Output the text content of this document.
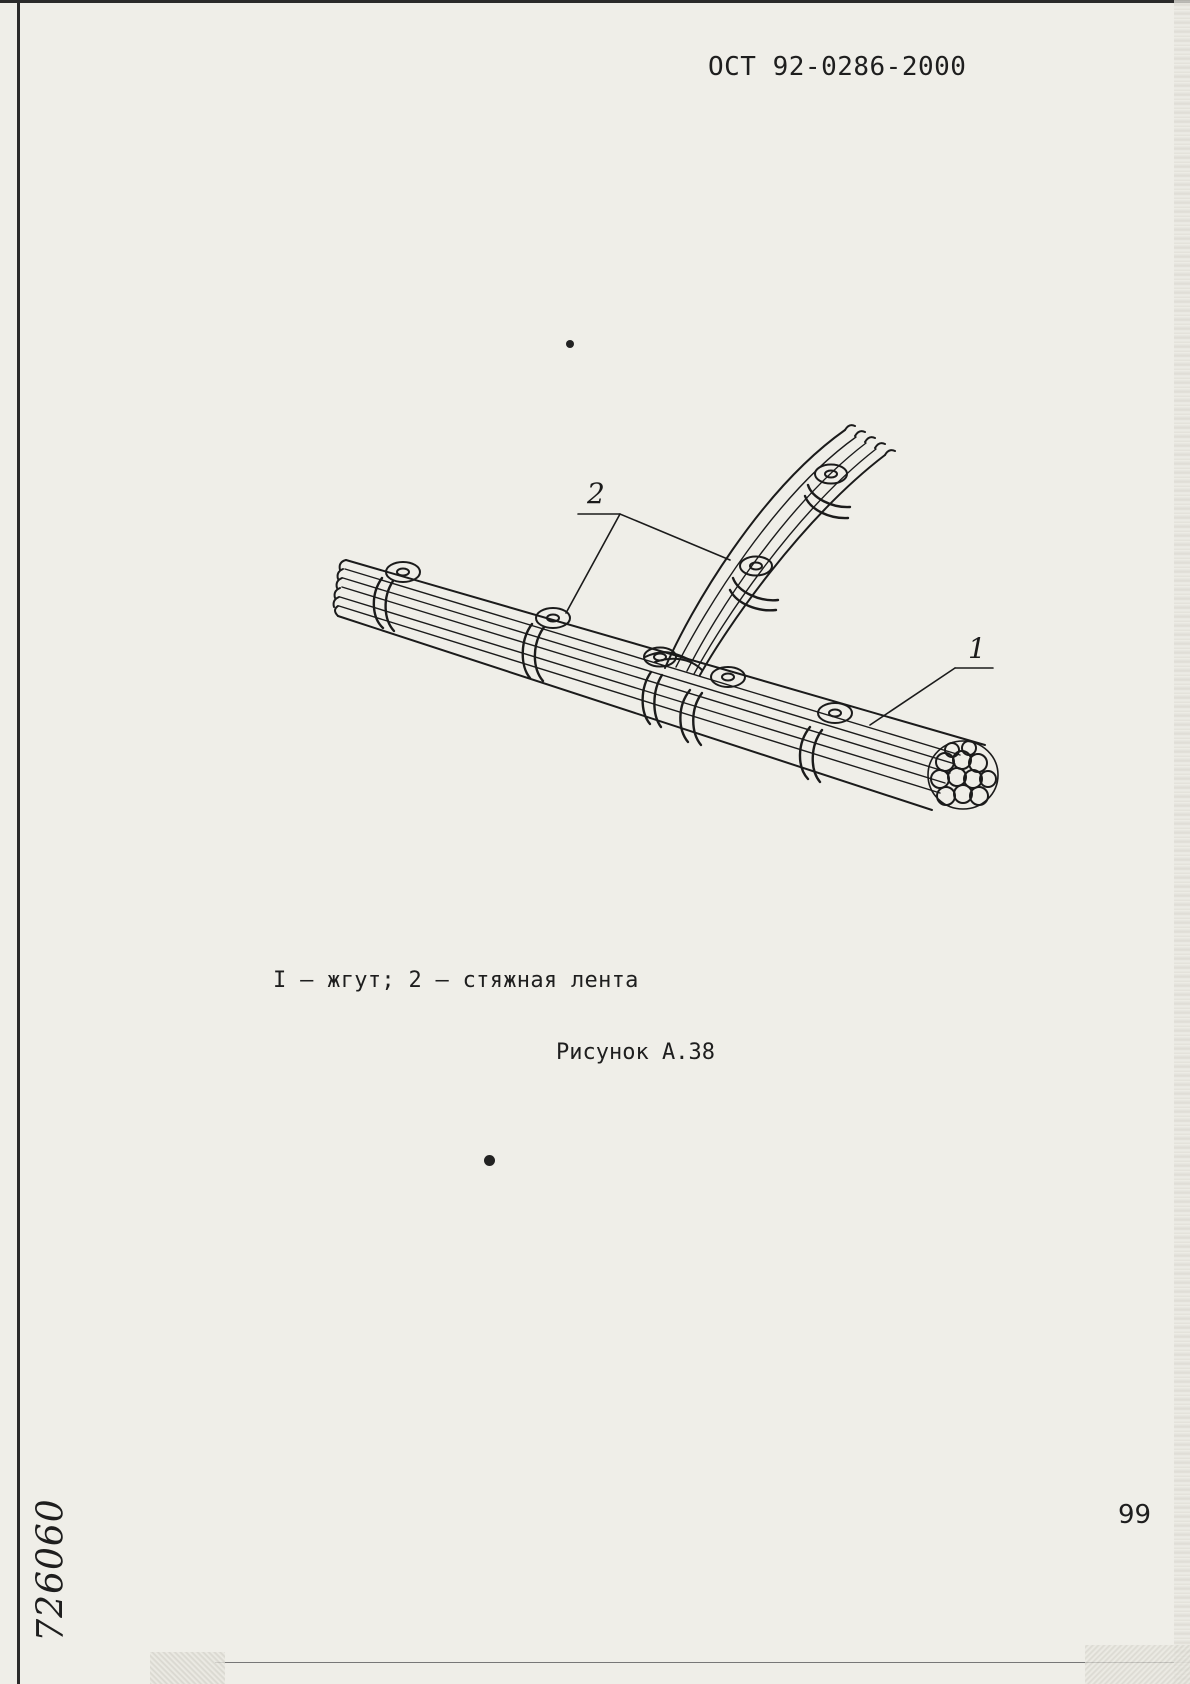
ОСТ 92-0286-2000
2
1
I – жгут; 2 – стяжная лента
Рисунок А.38
99
726060
